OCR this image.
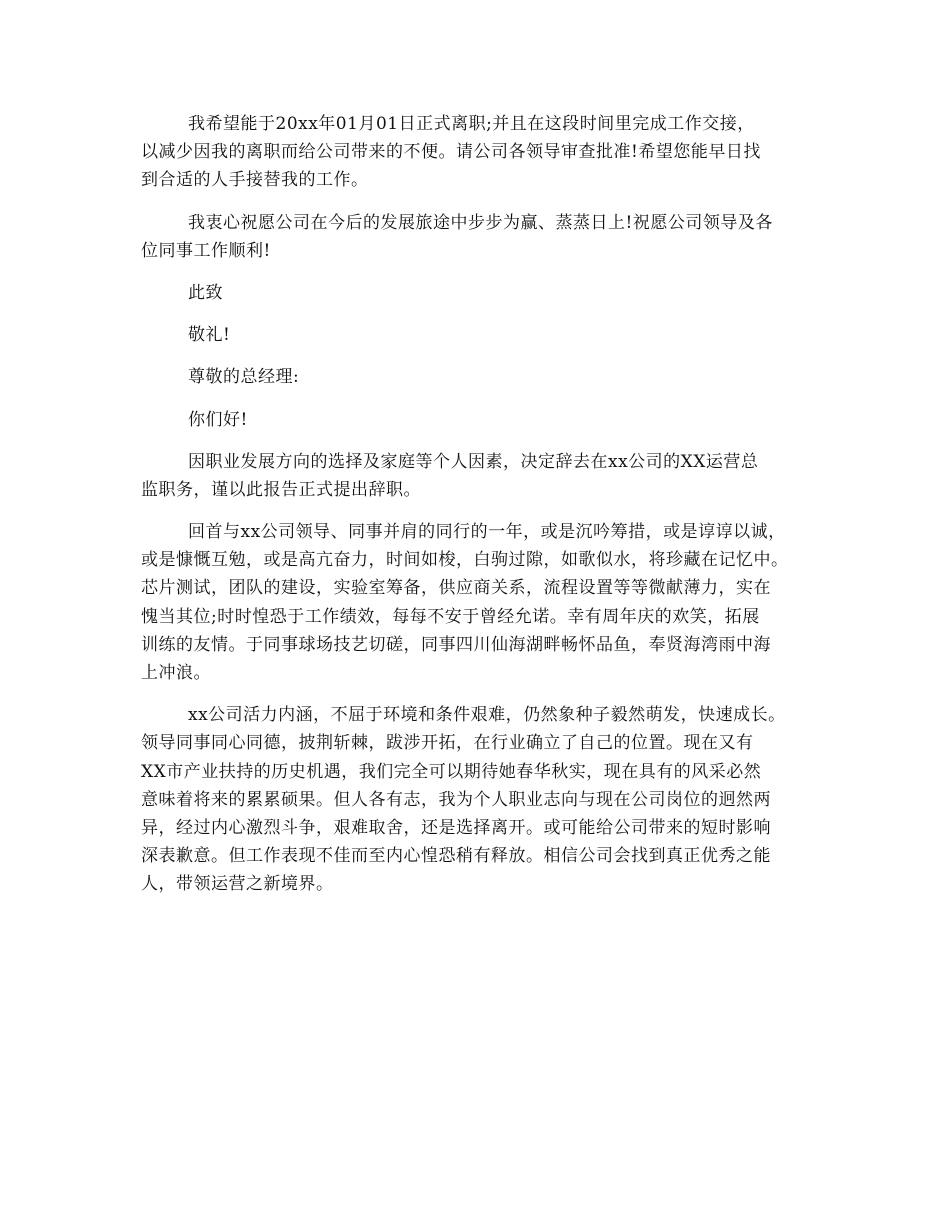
我希望能于20xx年01月01日正式离职;并且在这段时间里完成工作交接，

以减少因我的离职而给公司带来的不便。请公司各领导审查批准!希望您能早日找

到合适的人手接替我的工作。

我衷心祝愿公司在今后的发展旅途中步步为赢、蒸蒸日上!祝愿公司领导及各

位同事工作顺利!

此致

敬礼!

尊敬的总经理:

你们好!

因职业发展方向的选择及家庭等个人因素，决定辞去在xx公司的XX运营总

监职务，谨以此报告正式提出辞职。

回首与xx公司领导、同事并肩的同行的一年，或是沉吟筹措，或是谆谆以诚，

或是慷慨互勉，或是高亢奋力，时间如梭，白驹过隙，如歌似水，将珍藏在记忆中。

芯片测试，团队的建设，实验室筹备，供应商关系，流程设置等等微献薄力，实在

愧当其位;时时惶恐于工作绩效，每每不安于曾经允诺。幸有周年庆的欢笑，拓展

训练的友情。于同事球场技艺切磋，同事四川仙海湖畔畅怀品鱼，奉贤海湾雨中海

上冲浪。

xx公司活力内涵，不屈于环境和条件艰难，仍然象种子毅然萌发，快速成长。

领导同事同心同德，披荆斩棘，跋涉开拓，在行业确立了自己的位置。现在又有

XX市产业扶持的历史机遇，我们完全可以期待她春华秋实，现在具有的风采必然

意味着将来的累累硕果。但人各有志，我为个人职业志向与现在公司岗位的迥然两

异，经过内心激烈斗争，艰难取舍，还是选择离开。或可能给公司带来的短时影响

深表歉意。但工作表现不佳而至内心惶恐稍有释放。相信公司会找到真正优秀之能

人，带领运营之新境界。
